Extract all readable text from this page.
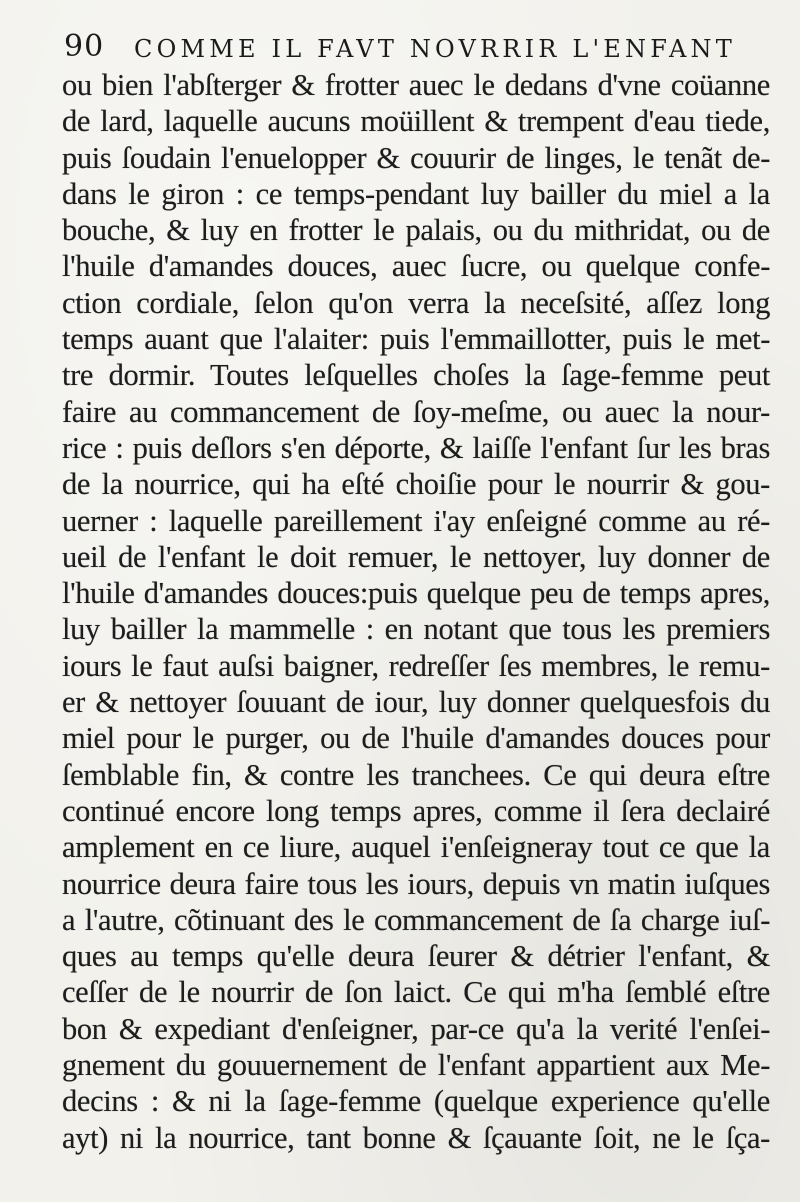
90 COMME IL FAVT NOVRRIR L'ENFANT
ou bien l'abſterger & frotter auec le dedans d'vne coüanne
de lard, laquelle aucuns moüillent & trempent d'eau tiede,
puis ſoudain l'enuelopper & couurir de linges, le tenãt de-
dans le giron : ce temps-pendant luy bailler du miel a la
bouche, & luy en frotter le palais, ou du mithridat, ou de
l'huile d'amandes douces, auec ſucre, ou quelque confe-
ction cordiale, ſelon qu'on verra la neceſsité, aſſez long
temps auant que l'alaiter: puis l'emmaillotter, puis le met-
tre dormir. Toutes leſquelles choſes la ſage-femme peut
faire au commancement de ſoy-meſme, ou auec la nour-
rice : puis deſlors s'en déporte, & laiſſe l'enfant ſur les bras
de la nourrice, qui ha eſté choiſie pour le nourrir & gou-
uerner : laquelle pareillement i'ay enſeigné comme au ré-
ueil de l'enfant le doit remuer, le nettoyer, luy donner de
l'huile d'amandes douces:puis quelque peu de temps apres,
luy bailler la mammelle : en notant que tous les premiers
iours le faut auſsi baigner, redreſſer ſes membres, le remu-
er & nettoyer ſouuant de iour, luy donner quelquesfois du
miel pour le purger, ou de l'huile d'amandes douces pour
ſemblable fin, & contre les tranchees. Ce qui deura eſtre
continué encore long temps apres, comme il ſera declairé
amplement en ce liure, auquel i'enſeigneray tout ce que la
nourrice deura faire tous les iours, depuis vn matin iuſques
a l'autre, cõtinuant des le commancement de ſa charge iuſ-
ques au temps qu'elle deura ſeurer & détrier l'enfant, &
ceſſer de le nourrir de ſon laict. Ce qui m'ha ſemblé eſtre
bon & expediant d'enſeigner, par-ce qu'a la verité l'enſei-
gnement du gouuernement de l'enfant appartient aux Me-
decins : & ni la ſage-femme (quelque experience qu'elle
ayt) ni la nourrice, tant bonne & ſçauante ſoit, ne le ſça-
